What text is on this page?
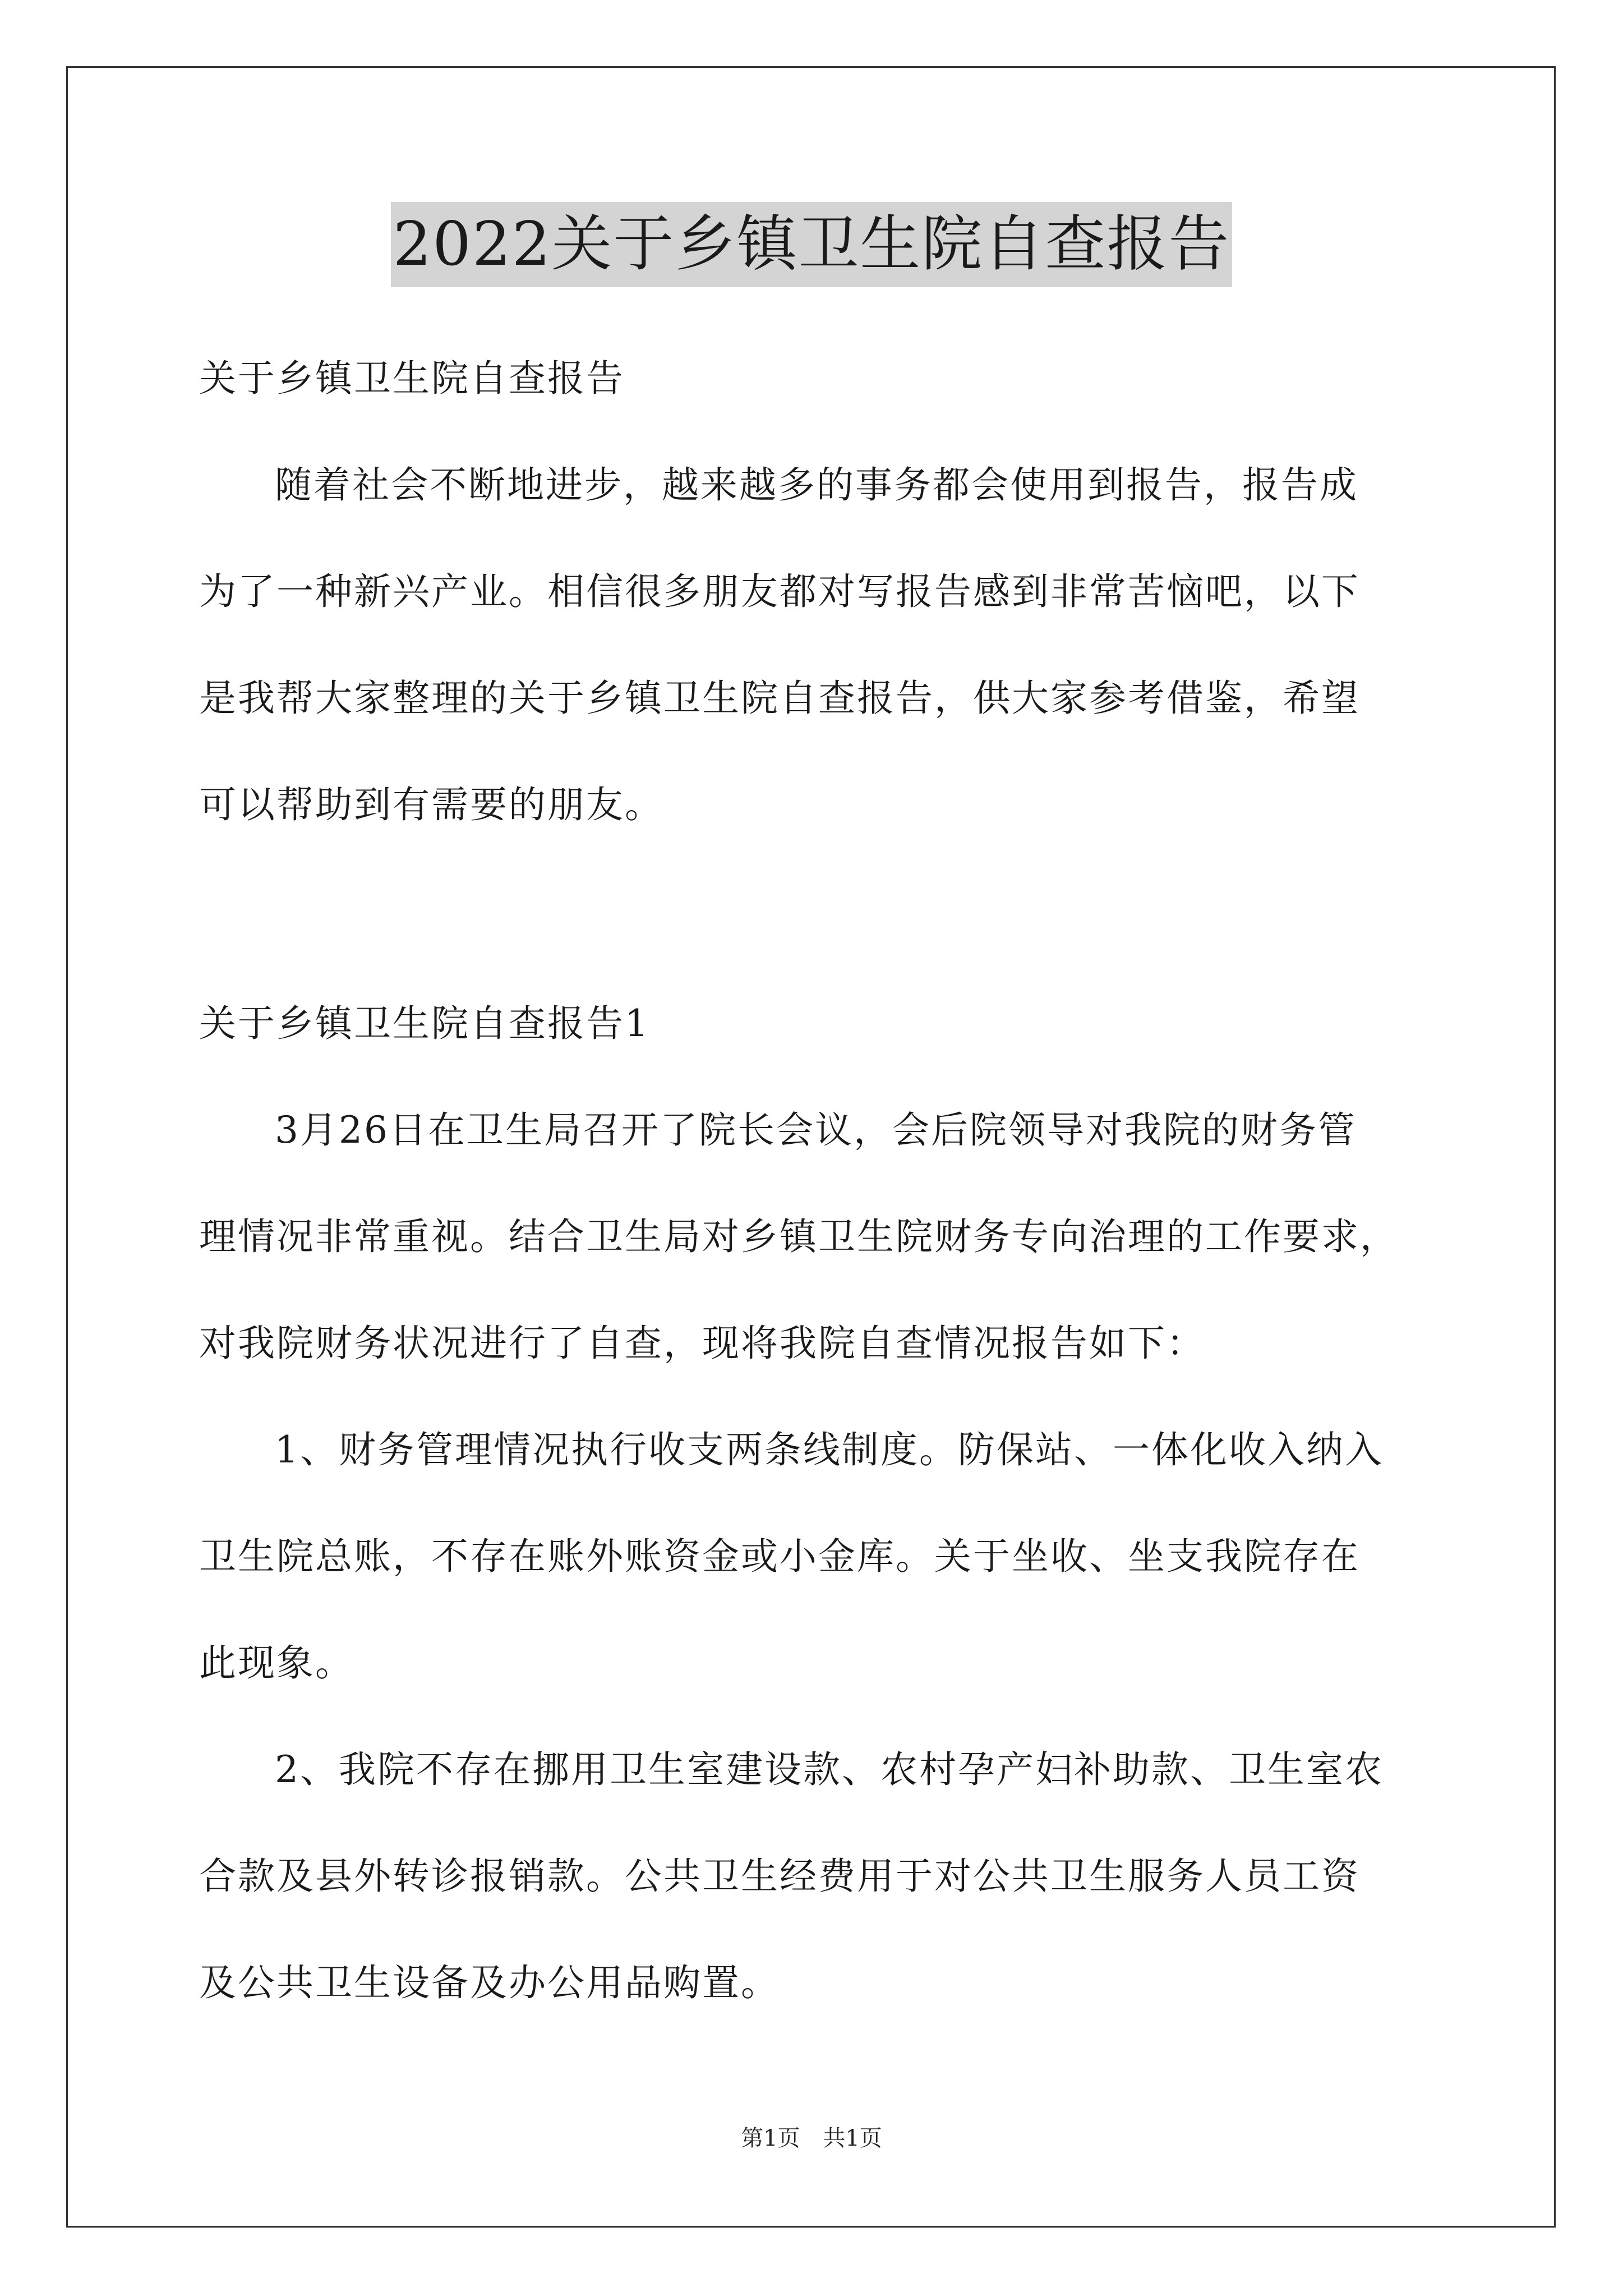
2022关于乡镇卫生院自查报告
关于乡镇卫生院自查报告
随着社会不断地进步，越来越多的事务都会使用到报告，报告成
为了一种新兴产业。相信很多朋友都对写报告感到非常苦恼吧，以下
是我帮大家整理的关于乡镇卫生院自查报告，供大家参考借鉴，希望
可以帮助到有需要的朋友。
关于乡镇卫生院自查报告1
3月26日在卫生局召开了院长会议，会后院领导对我院的财务管
理情况非常重视。结合卫生局对乡镇卫生院财务专向治理的工作要求，
对我院财务状况进行了自查，现将我院自查情况报告如下：
1、财务管理情况执行收支两条线制度。防保站、一体化收入纳入
卫生院总账，不存在账外账资金或小金库。关于坐收、坐支我院存在
此现象。
2、我院不存在挪用卫生室建设款、农村孕产妇补助款、卫生室农
合款及县外转诊报销款。公共卫生经费用于对公共卫生服务人员工资
及公共卫生设备及办公用品购置。
第1页 共1页
